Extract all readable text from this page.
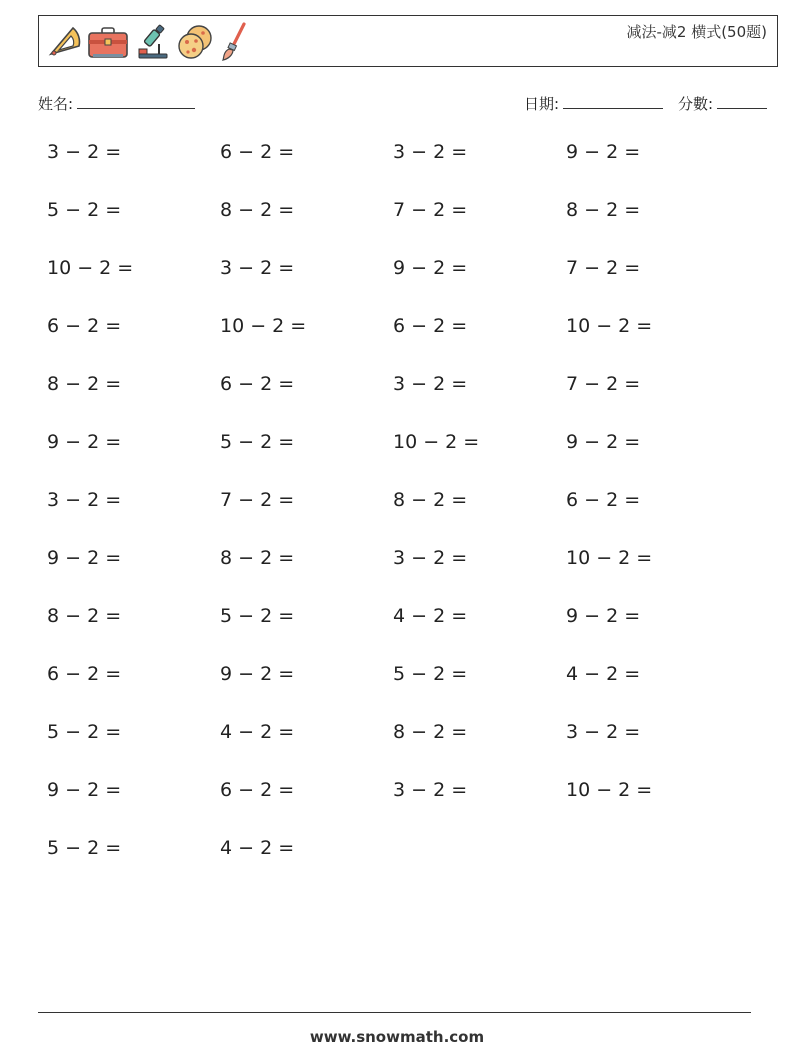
减法-减2 横式(50题)
姓名:	日期:	分數:
3 − 2 =	6 − 2 =	3 − 2 =	9 − 2 =
5 − 2 =	8 − 2 =	7 − 2 =	8 − 2 =
10 − 2 =	3 − 2 =	9 − 2 =	7 − 2 =
6 − 2 =	10 − 2 =	6 − 2 =	10 − 2 =
8 − 2 =	6 − 2 =	3 − 2 =	7 − 2 =
9 − 2 =	5 − 2 =	10 − 2 =	9 − 2 =
3 − 2 =	7 − 2 =	8 − 2 =	6 − 2 =
9 − 2 =	8 − 2 =	3 − 2 =	10 − 2 =
8 − 2 =	5 − 2 =	4 − 2 =	9 − 2 =
6 − 2 =	9 − 2 =	5 − 2 =	4 − 2 =
5 − 2 =	4 − 2 =	8 − 2 =	3 − 2 =
9 − 2 =	6 − 2 =	3 − 2 =	10 − 2 =
5 − 2 =	4 − 2 =
www.snowmath.com
